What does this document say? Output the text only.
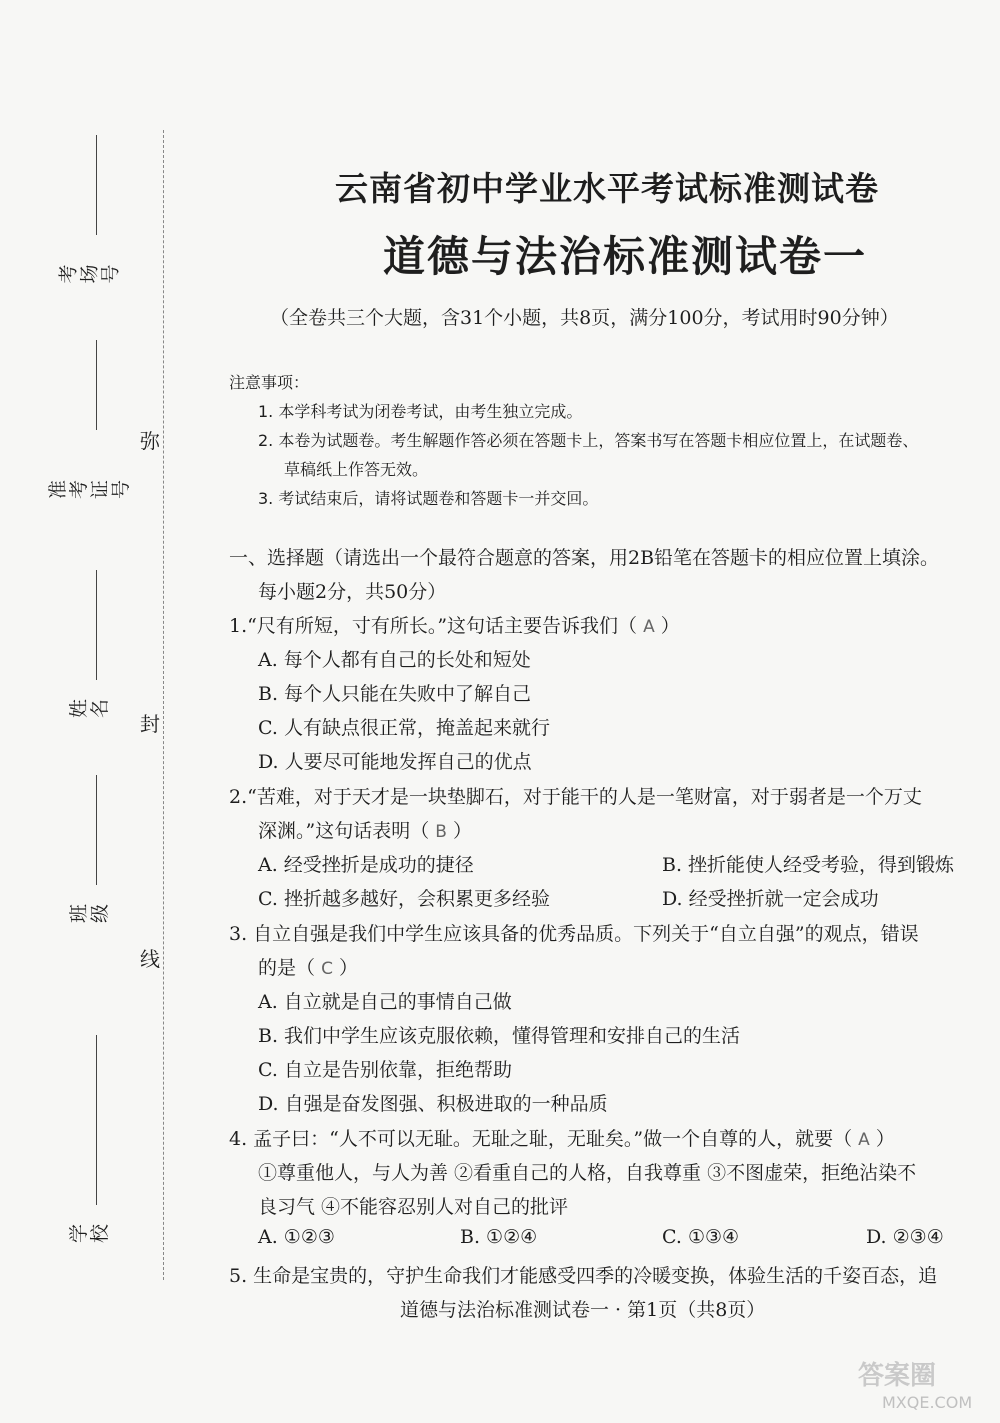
考场号
准考证号
姓名
班级
学校
弥
封
线
云南省初中学业水平考试标准测试卷
道德与法治标准测试卷一
（全卷共三个大题，含31个小题，共8页，满分100分，考试用时90分钟）
注意事项：
1. 本学科考试为闭卷考试，由考生独立完成。
2. 本卷为试题卷。考生解题作答必须在答题卡上，答案书写在答题卡相应位置上，在试题卷、
草稿纸上作答无效。
3. 考试结束后，请将试题卷和答题卡一并交回。
一、选择题（请选出一个最符合题意的答案，用2B铅笔在答题卡的相应位置上填涂。
每小题2分，共50分）
1.“尺有所短，寸有所长。”这句话主要告诉我们（ A ）
A. 每个人都有自己的长处和短处
B. 每个人只能在失败中了解自己
C. 人有缺点很正常，掩盖起来就行
D. 人要尽可能地发挥自己的优点
2.“苦难，对于天才是一块垫脚石，对于能干的人是一笔财富，对于弱者是一个万丈
深渊。”这句话表明（ B ）
A. 经受挫折是成功的捷径	B. 挫折能使人经受考验，得到锻炼
C. 挫折越多越好，会积累更多经验	D. 经受挫折就一定会成功
3. 自立自强是我们中学生应该具备的优秀品质。下列关于“自立自强”的观点，错误
的是（ C ）
A. 自立就是自己的事情自己做
B. 我们中学生应该克服依赖，懂得管理和安排自己的生活
C. 自立是告别依靠，拒绝帮助
D. 自强是奋发图强、积极进取的一种品质
4. 孟子曰：“人不可以无耻。无耻之耻，无耻矣。”做一个自尊的人，就要（ A ）
①尊重他人，与人为善 ②看重自己的人格，自我尊重 ③不图虚荣，拒绝沾染不
良习气 ④不能容忍别人对自己的批评
A. ①②③	B. ①②④	C. ①③④	D. ②③④
5. 生命是宝贵的，守护生命我们才能感受四季的冷暖变换，体验生活的千姿百态，追
道德与法治标准测试卷一 · 第1页（共8页）
答案圈
MXQE.COM
